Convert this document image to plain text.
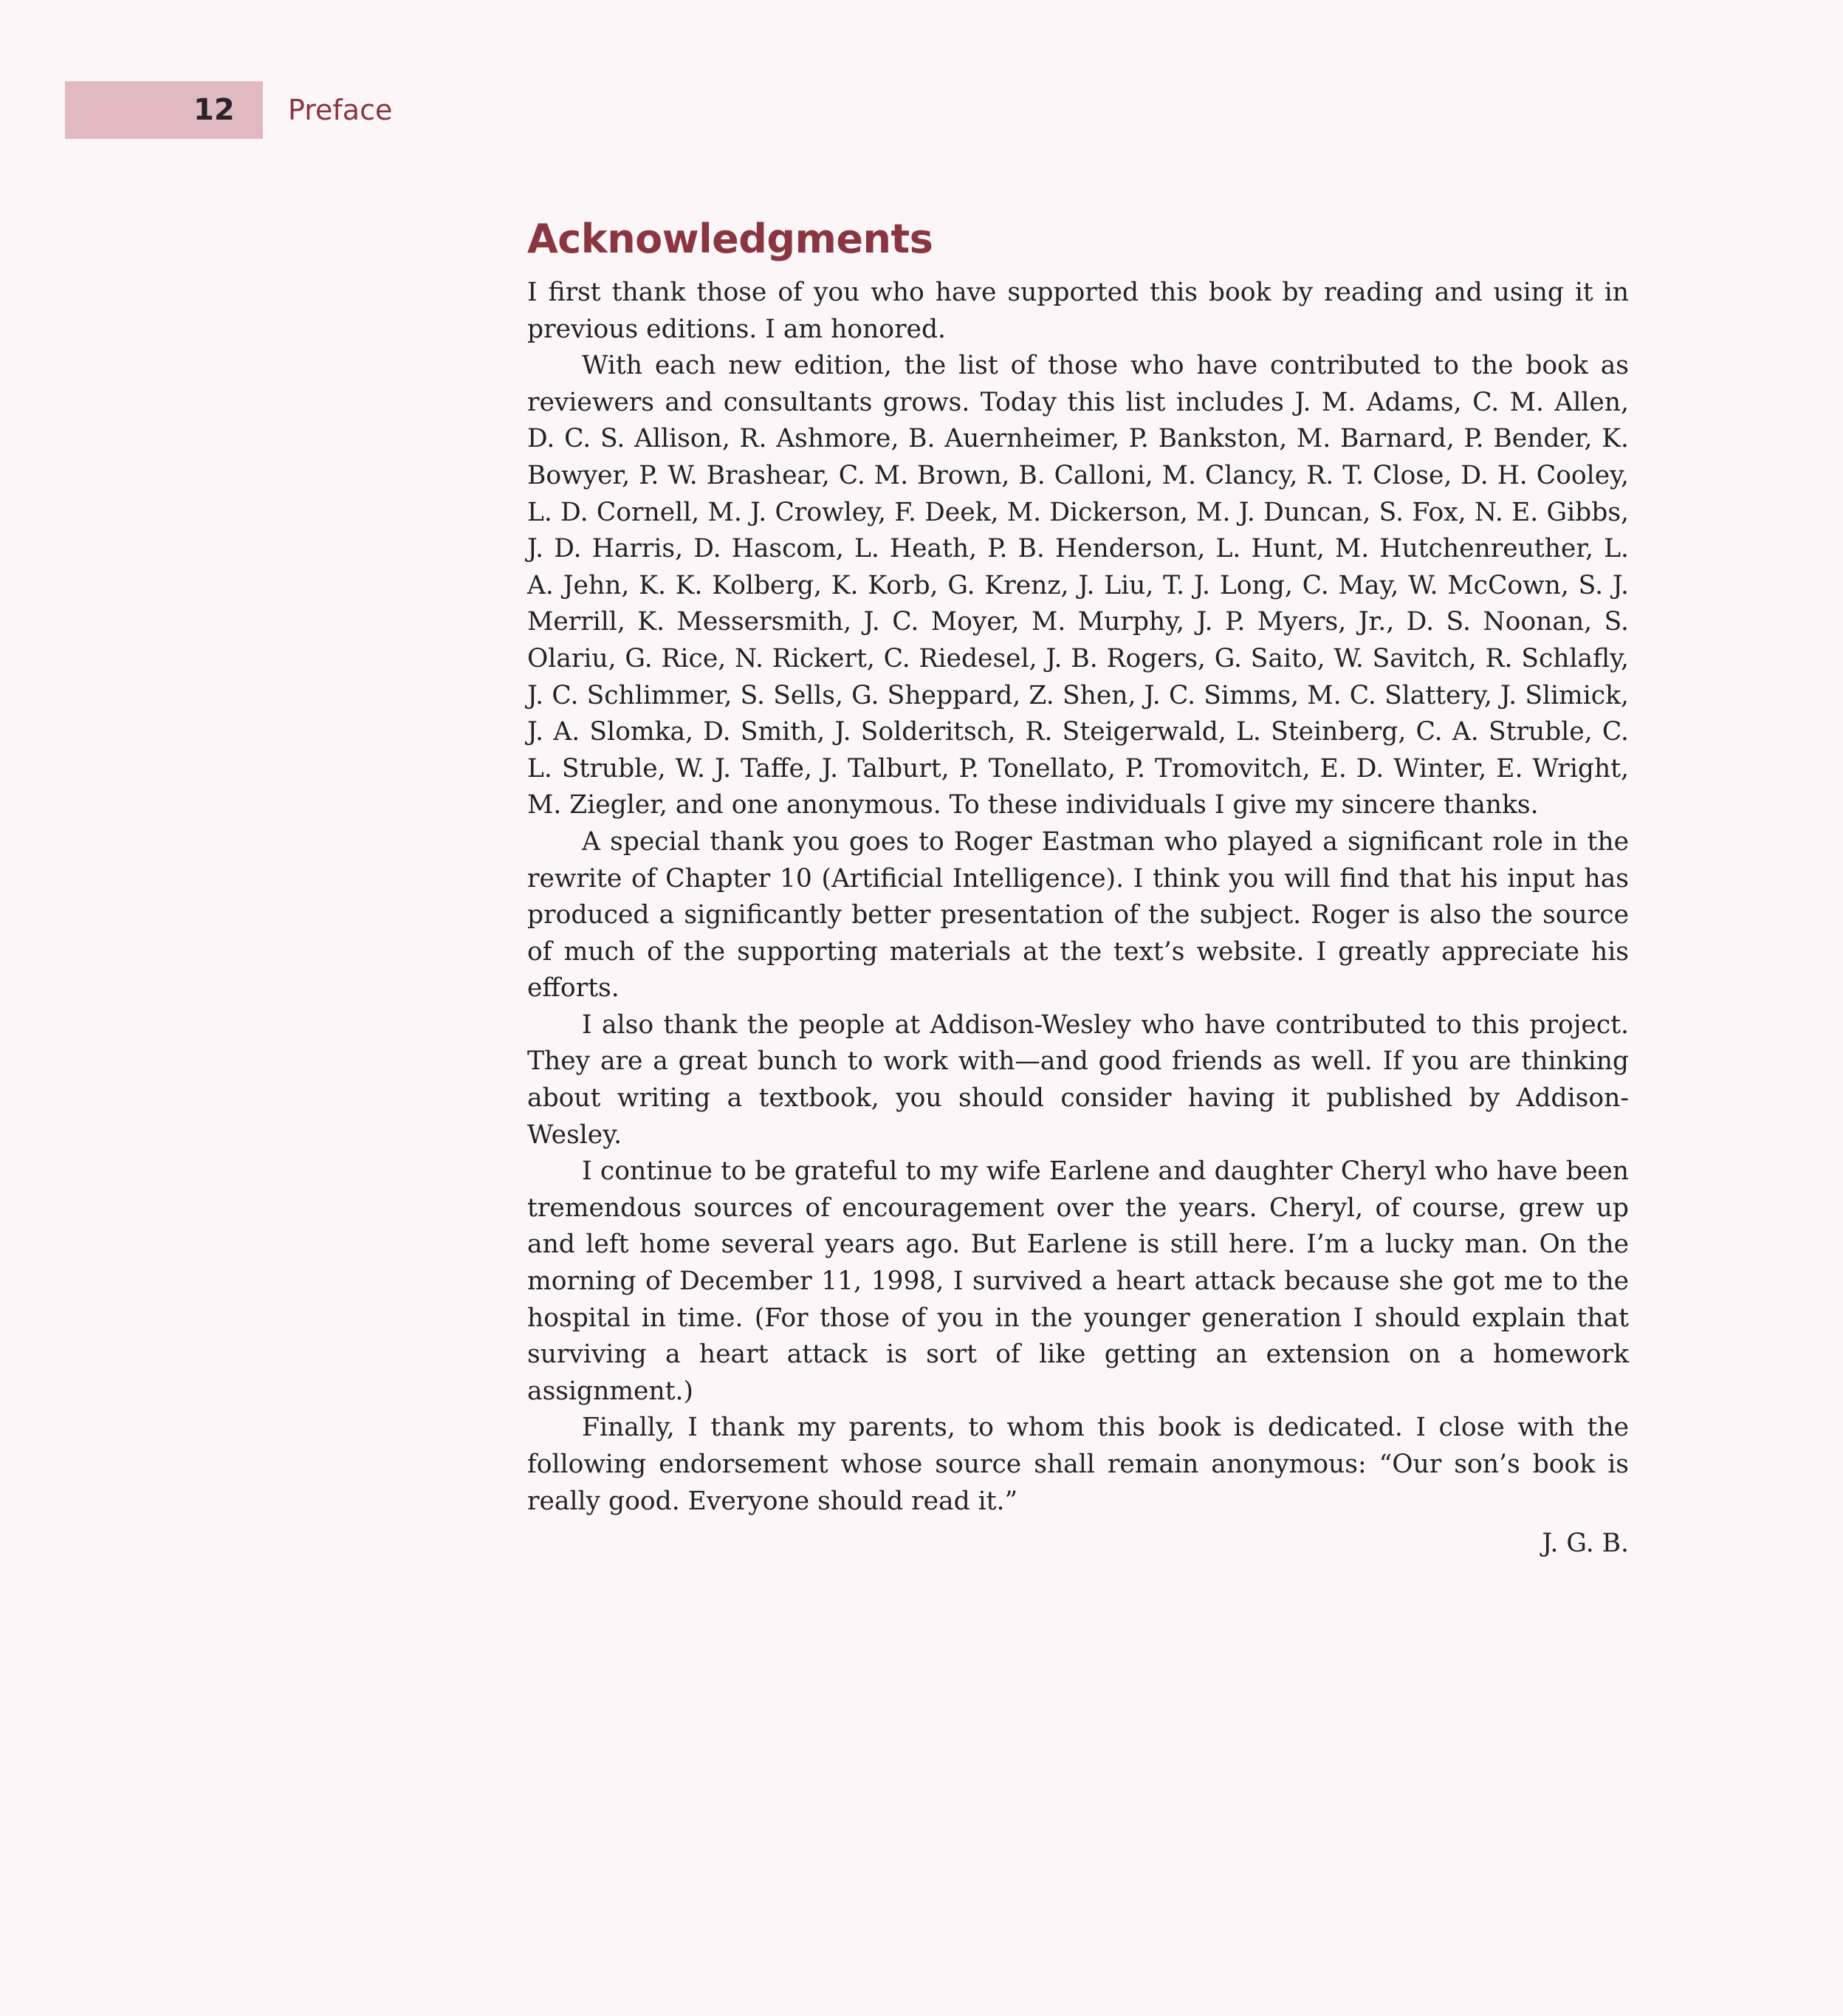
12 Preface
Acknowledgments

I first thank those of you who have supported this book by reading and using it in previous editions. I am honored.

With each new edition, the list of those who have contributed to the book as reviewers and consultants grows. Today this list includes J. M. Adams, C. M. Allen, D. C. S. Allison, R. Ashmore, B. Auernheimer, P. Bankston, M. Barnard, P. Bender, K. Bowyer, P. W. Brashear, C. M. Brown, B. Calloni, M. Clancy, R. T. Close, D. H. Cooley, L. D. Cornell, M. J. Crowley, F. Deek, M. Dickerson, M. J. Duncan, S. Fox, N. E. Gibbs, J. D. Harris, D. Hascom, L. Heath, P. B. Henderson, L. Hunt, M. Hutchenreuther, L. A. Jehn, K. K. Kolberg, K. Korb, G. Krenz, J. Liu, T. J. Long, C. May, W. McCown, S. J. Merrill, K. Messersmith, J. C. Moyer, M. Murphy, J. P. Myers, Jr., D. S. Noonan, S. Olariu, G. Rice, N. Rickert, C. Riedesel, J. B. Rogers, G. Saito, W. Savitch, R. Schlafly, J. C. Schlimmer, S. Sells, G. Sheppard, Z. Shen, J. C. Simms, M. C. Slattery, J. Slimick, J. A. Slomka, D. Smith, J. Solderitsch, R. Steigerwald, L. Steinberg, C. A. Struble, C. L. Struble, W. J. Taffe, J. Talburt, P. Tonellato, P. Tromovitch, E. D. Winter, E. Wright, M. Ziegler, and one anonymous. To these individuals I give my sincere thanks.

A special thank you goes to Roger Eastman who played a significant role in the rewrite of Chapter 10 (Artificial Intelligence). I think you will find that his input has produced a significantly better presentation of the subject. Roger is also the source of much of the supporting materials at the text’s website. I greatly appreciate his efforts.

I also thank the people at Addison-Wesley who have contributed to this project. They are a great bunch to work with—and good friends as well. If you are thinking about writing a textbook, you should consider having it published by Addison-Wesley.

I continue to be grateful to my wife Earlene and daughter Cheryl who have been tremendous sources of encouragement over the years. Cheryl, of course, grew up and left home several years ago. But Earlene is still here. I’m a lucky man. On the morning of December 11, 1998, I survived a heart attack because she got me to the hospital in time. (For those of you in the younger generation I should explain that surviving a heart attack is sort of like getting an extension on a homework assignment.)

Finally, I thank my parents, to whom this book is dedicated. I close with the following endorsement whose source shall remain anonymous: “Our son’s book is really good. Everyone should read it.”

J. G. B.
